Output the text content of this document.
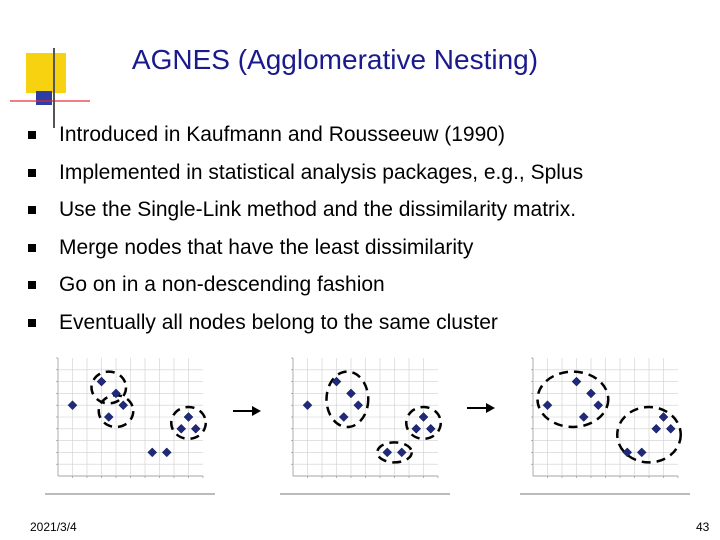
AGNES (Agglomerative Nesting)
Introduced in Kaufmann and Rousseeuw (1990)
Implemented in statistical analysis packages, e.g., Splus
Use the Single-Link method and the dissimilarity matrix.
Merge nodes that have the least dissimilarity
Go on in a non-descending fashion
Eventually all nodes belong to the same cluster
2021/3/4	43
